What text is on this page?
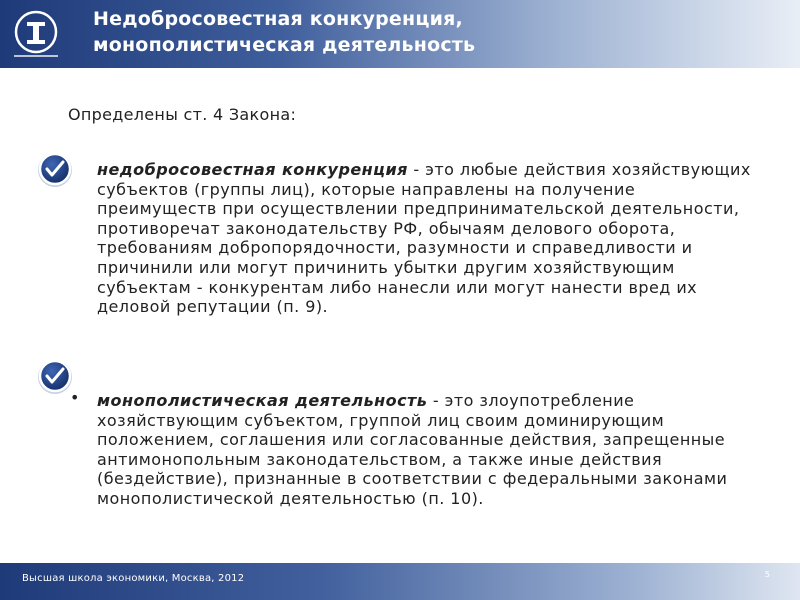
Недобросовестная конкуренция,
монополистическая деятельность
Определены ст. 4 Закона:
недобросовестная конкуренция - это любые действия хозяйствующих субъектов (группы лиц), которые направлены на получение преимуществ при осуществлении предпринимательской деятельности, противоречат законодательству РФ, обычаям делового оборота, требованиям добропорядочности, разумности и справедливости и причинили или могут причинить убытки другим хозяйствующим субъектам - конкурентам либо нанесли или могут нанести вред их деловой репутации (п. 9).
• монополистическая деятельность - это злоупотребление хозяйствующим субъектом, группой лиц своим доминирующим положением, соглашения или согласованные действия, запрещенные антимонопольным законодательством, а также иные действия (бездействие), признанные в соответствии с федеральными законами монополистической деятельностью (п. 10).
Высшая школа экономики, Москва, 2012	5
